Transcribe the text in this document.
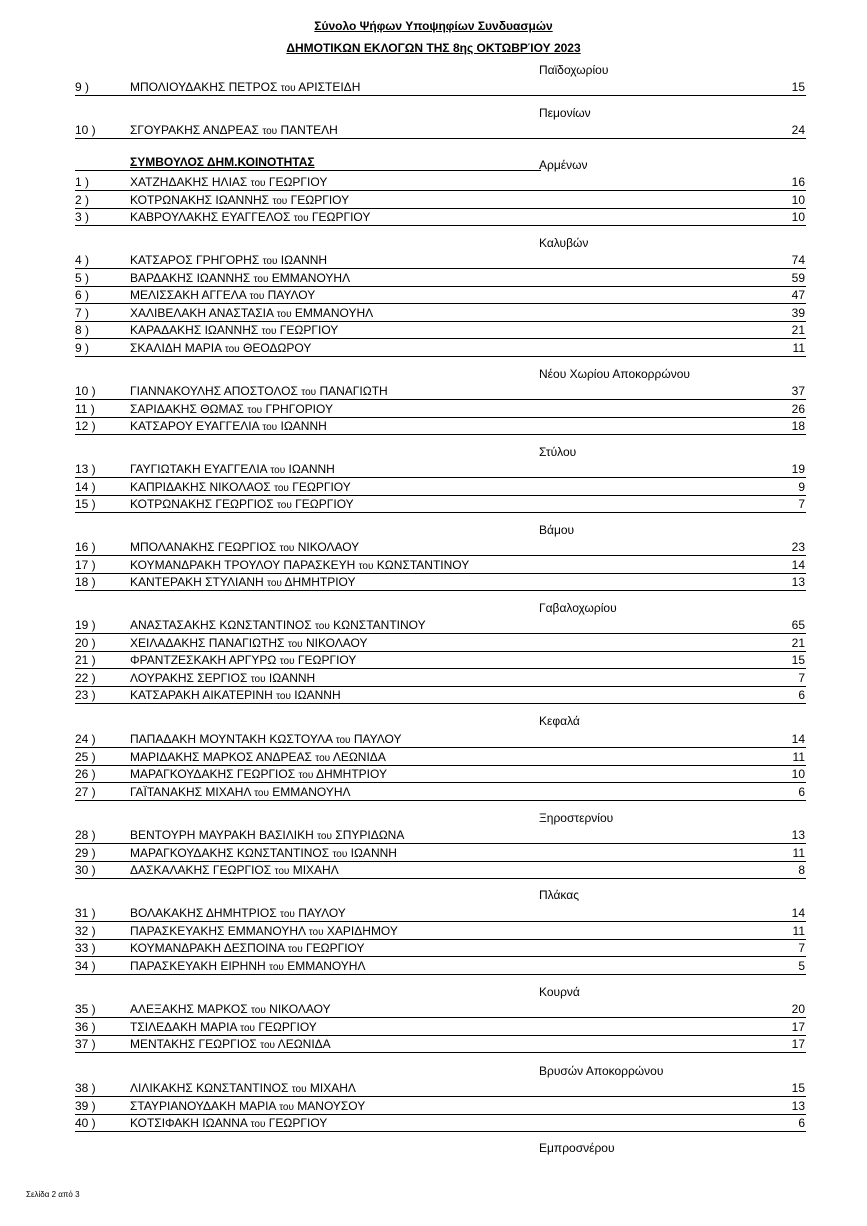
Σύνολο Ψήφων Υποψηφίων Συνδυασμών
ΔΗΜΟΤΙΚΩΝ ΕΚΛΟΓΩΝ ΤΗΣ 8ης ΟΚΤΩΒΡΊΟΥ 2023
Παϊδοχωρίου
9 )	ΜΠΟΛΙΟΥΔΑΚΗΣ ΠΕΤΡΟΣ του ΑΡΙΣΤΕΙΔΗ	15
Πεμονίων
10 )	ΣΓΟΥΡΑΚΗΣ ΑΝΔΡΕΑΣ του ΠΑΝΤΕΛΗ	24
Αρμένων
ΣΥΜΒΟΥΛΟΣ ΔΗΜ.ΚΟΙΝΟΤΗΤΑΣ
1 )	ΧΑΤΖΗΔΑΚΗΣ ΗΛΙΑΣ του ΓΕΩΡΓΙΟΥ	16
2 )	ΚΟΤΡΩΝΑΚΗΣ ΙΩΑΝΝΗΣ του ΓΕΩΡΓΙΟΥ	10
3 )	ΚΑΒΡΟΥΛΑΚΗΣ ΕΥΑΓΓΕΛΟΣ του ΓΕΩΡΓΙΟΥ	10
Καλυβών
4 )	ΚΑΤΣΑΡΟΣ ΓΡΗΓΟΡΗΣ του ΙΩΑΝΝΗ	74
5 )	ΒΑΡΔΑΚΗΣ ΙΩΑΝΝΗΣ του ΕΜΜΑΝΟΥΗΛ	59
6 )	ΜΕΛΙΣΣΑΚΗ ΑΓΓΕΛΑ του ΠΑΥΛΟΥ	47
7 )	ΧΑΛΙΒΕΛΑΚΗ ΑΝΑΣΤΑΣΙΑ του ΕΜΜΑΝΟΥΗΛ	39
8 )	ΚΑΡΑΔΑΚΗΣ ΙΩΑΝΝΗΣ του ΓΕΩΡΓΙΟΥ	21
9 )	ΣΚΑΛΙΔΗ ΜΑΡΙΑ του ΘΕΟΔΩΡΟΥ	11
Νέου Χωρίου Αποκορρώνου
10 )	ΓΙΑΝΝΑΚΟΥΛΗΣ ΑΠΟΣΤΟΛΟΣ του ΠΑΝΑΓΙΩΤΗ	37
11 )	ΣΑΡΙΔΑΚΗΣ ΘΩΜΑΣ του ΓΡΗΓΟΡΙΟΥ	26
12 )	ΚΑΤΣΑΡΟΥ ΕΥΑΓΓΕΛΙΑ του ΙΩΑΝΝΗ	18
Στύλου
13 )	ΓΑΥΓΙΩΤΑΚΗ ΕΥΑΓΓΕΛΙΑ του ΙΩΑΝΝΗ	19
14 )	ΚΑΠΡΙΔΑΚΗΣ ΝΙΚΟΛΑΟΣ του ΓΕΩΡΓΙΟΥ	9
15 )	ΚΟΤΡΩΝΑΚΗΣ ΓΕΩΡΓΙΟΣ του ΓΕΩΡΓΙΟΥ	7
Βάμου
16 )	ΜΠΟΛΑΝΑΚΗΣ ΓΕΩΡΓΙΟΣ του ΝΙΚΟΛΑΟΥ	23
17 )	ΚΟΥΜΑΝΔΡΑΚΗ ΤΡΟΥΛΟΥ ΠΑΡΑΣΚΕΥΗ του ΚΩΝΣΤΑΝΤΙΝΟΥ	14
18 )	ΚΑΝΤΕΡΑΚΗ ΣΤΥΛΙΑΝΗ του ΔΗΜΗΤΡΙΟΥ	13
Γαβαλοχωρίου
19 )	ΑΝΑΣΤΑΣΑΚΗΣ ΚΩΝΣΤΑΝΤΙΝΟΣ του ΚΩΝΣΤΑΝΤΙΝΟΥ	65
20 )	ΧΕΙΛΑΔΑΚΗΣ ΠΑΝΑΓΙΩΤΗΣ του ΝΙΚΟΛΑΟΥ	21
21 )	ΦΡΑΝΤΖΕΣΚΑΚΗ ΑΡΓΥΡΩ του ΓΕΩΡΓΙΟΥ	15
22 )	ΛΟΥΡΑΚΗΣ ΣΕΡΓΙΟΣ του ΙΩΑΝΝΗ	7
23 )	ΚΑΤΣΑΡΑΚΗ ΑΙΚΑΤΕΡΙΝΗ του ΙΩΑΝΝΗ	6
Κεφαλά
24 )	ΠΑΠΑΔΑΚΗ ΜΟΥΝΤΑΚΗ ΚΩΣΤΟΥΛΑ του ΠΑΥΛΟΥ	14
25 )	ΜΑΡΙΔΑΚΗΣ ΜΑΡΚΟΣ ΑΝΔΡΕΑΣ του ΛΕΩΝΙΔΑ	11
26 )	ΜΑΡΑΓΚΟΥΔΑΚΗΣ ΓΕΩΡΓΙΟΣ του ΔΗΜΗΤΡΙΟΥ	10
27 )	ΓΑΪΤΑΝΑΚΗΣ ΜΙΧΑΗΛ του ΕΜΜΑΝΟΥΗΛ	6
Ξηροστερνίου
28 )	ΒΕΝΤΟΥΡΗ ΜΑΥΡΑΚΗ ΒΑΣΙΛΙΚΗ του ΣΠΥΡΙΔΩΝΑ	13
29 )	ΜΑΡΑΓΚΟΥΔΑΚΗΣ ΚΩΝΣΤΑΝΤΙΝΟΣ του ΙΩΑΝΝΗ	11
30 )	ΔΑΣΚΑΛΑΚΗΣ ΓΕΩΡΓΙΟΣ του ΜΙΧΑΗΛ	8
Πλάκας
31 )	ΒΟΛΑΚΑΚΗΣ ΔΗΜΗΤΡΙΟΣ του ΠΑΥΛΟΥ	14
32 )	ΠΑΡΑΣΚΕΥΑΚΗΣ ΕΜΜΑΝΟΥΗΛ του ΧΑΡΙΔΗΜΟΥ	11
33 )	ΚΟΥΜΑΝΔΡΑΚΗ ΔΕΣΠΟΙΝΑ του ΓΕΩΡΓΙΟΥ	7
34 )	ΠΑΡΑΣΚΕΥΑΚΗ ΕΙΡΗΝΗ του ΕΜΜΑΝΟΥΗΛ	5
Κουρνά
35 )	ΑΛΕΞΑΚΗΣ ΜΑΡΚΟΣ του ΝΙΚΟΛΑΟΥ	20
36 )	ΤΣΙΛΕΔΑΚΗ ΜΑΡΙΑ του ΓΕΩΡΓΙΟΥ	17
37 )	ΜΕΝΤΑΚΗΣ ΓΕΩΡΓΙΟΣ του ΛΕΩΝΙΔΑ	17
Βρυσών Αποκορρώνου
38 )	ΛΙΛΙΚΑΚΗΣ ΚΩΝΣΤΑΝΤΙΝΟΣ του ΜΙΧΑΗΛ	15
39 )	ΣΤΑΥΡΙΑΝΟΥΔΑΚΗ ΜΑΡΙΑ του ΜΑΝΟΥΣΟΥ	13
40 )	ΚΟΤΣΙΦΑΚΗ ΙΩΑΝΝΑ του ΓΕΩΡΓΙΟΥ	6
Εμπροσνέρου
Σελίδα 2 από 3
